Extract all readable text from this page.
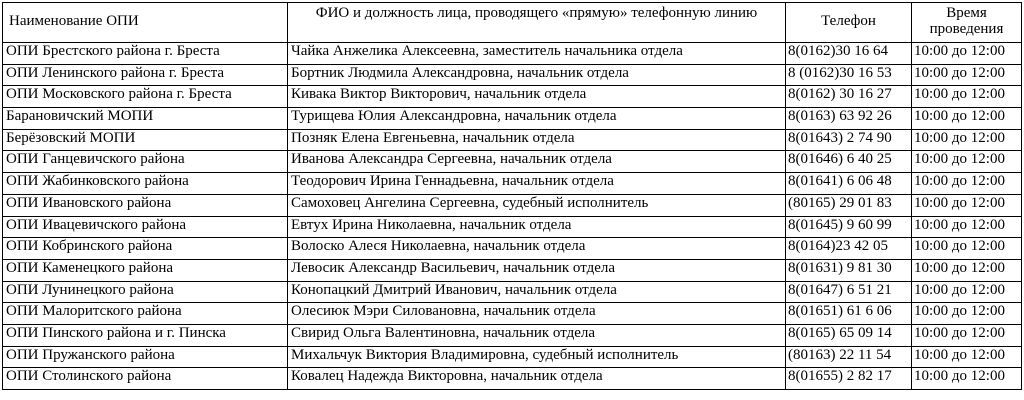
Наименование ОПИ	ФИО и должность лица, проводящего «прямую» телефонную линию	Телефон	Время проведения
ОПИ Брестского района г. Бреста	Чайка Анжелика Алексеевна, заместитель начальника отдела	8(0162)30 16 64	10:00 до 12:00
ОПИ Ленинского района г. Бреста	Бортник Людмила Александровна, начальник отдела	8 (0162)30 16 53	10:00 до 12:00
ОПИ Московского района г. Бреста	Кивака Виктор Викторович, начальник отдела	8(0162) 30 16 27	10:00 до 12:00
Барановичский МОПИ	Турищева Юлия Александровна, начальник отдела	8(0163) 63 92 26	10:00 до 12:00
Берёзовский МОПИ	Позняк Елена Евгеньевна, начальник отдела	8(01643) 2 74 90	10:00 до 12:00
ОПИ Ганцевичского района	Иванова Александра Сергеевна, начальник отдела	8(01646) 6 40 25	10:00 до 12:00
ОПИ Жабинковского района	Теодорович Ирина Геннадьевна, начальник отдела	8(01641) 6 06 48	10:00 до 12:00
ОПИ Ивановского района	Самоховец Ангелина Сергеевна, судебный исполнитель	(80165) 29 01 83	10:00 до 12:00
ОПИ Ивацевичского района	Евтух Ирина Николаевна, начальник отдела	8(01645) 9 60 99	10:00 до 12:00
ОПИ Кобринского района	Волоско Алеся Николаевна, начальник отдела	8(0164)23 42 05	10:00 до 12:00
ОПИ Каменецкого района	Левосик Александр Васильевич, начальник отдела	8(01631) 9 81 30	10:00 до 12:00
ОПИ Лунинецкого района	Конопацкий Дмитрий Иванович, начальник отдела	8(01647) 6 51 21	10:00 до 12:00
ОПИ Малоритского района	Олесиюк Мэри Силовановна, начальник отдела	8(01651) 61 6 06	10:00 до 12:00
ОПИ Пинского района и г. Пинска	Свирид Ольга Валентиновна, начальник отдела	8(0165) 65 09 14	10:00 до 12:00
ОПИ Пружанского района	Михальчук Виктория Владимировна, судебный исполнитель	(80163) 22 11 54	10:00 до 12:00
ОПИ Столинского района	Ковалец Надежда Викторовна, начальник отдела	8(01655) 2 82 17	10:00 до 12:00
